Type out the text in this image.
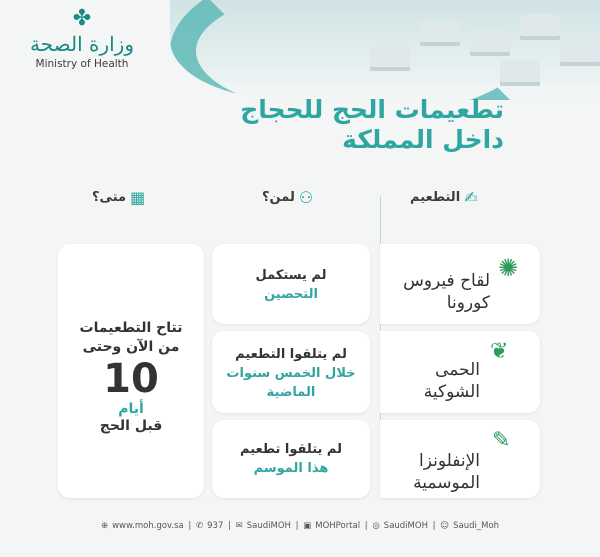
✤
وزارة الصحة
Ministry of Health
تطعيمات الحج للحجاج
داخل المملكة
✍
التطعيم
⚇
لمن؟
▦
متى؟
تتاح التطعيمات
من الآن وحتى
10
أيام
قبل الحج
لم يستكمل
التحصين
لم يتلقوا التطعيم
خلال الخمس سنوات
الماضية
لم يتلقوا تطعيم
هذا الموسم
✺
لقاح فيروس
كورونا
❦
الحمى
الشوكية
✎
الإنفلونزا
الموسمية
⊕ www.moh.gov.sa | ✆ 937 | ✉ SaudiMOH | ▣ MOHPortal | ◎ SaudiMOH | ☺ Saudi_Moh
